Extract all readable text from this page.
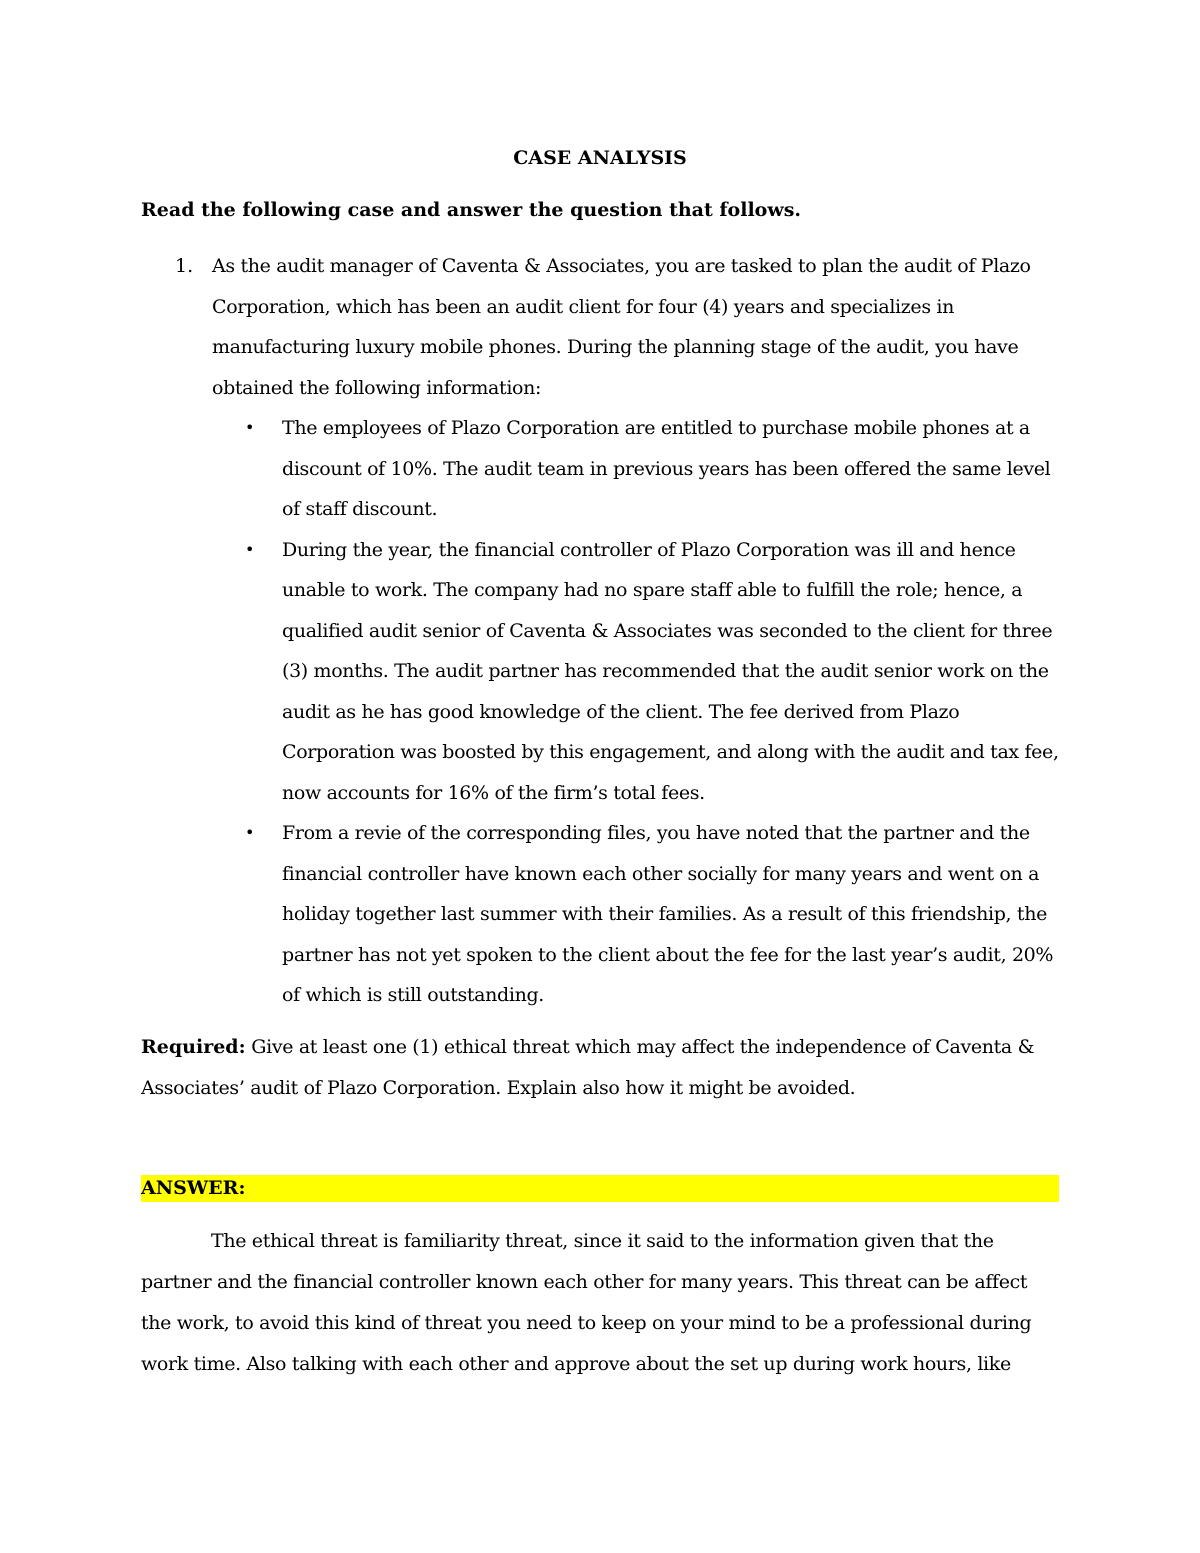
CASE ANALYSIS
Read the following case and answer the question that follows.
1. As the audit manager of Caventa & Associates, you are tasked to plan the audit of Plazo Corporation, which has been an audit client for four (4) years and specializes in manufacturing luxury mobile phones. During the planning stage of the audit, you have obtained the following information:
• The employees of Plazo Corporation are entitled to purchase mobile phones at a discount of 10%. The audit team in previous years has been offered the same level of staff discount.
• During the year, the financial controller of Plazo Corporation was ill and hence unable to work. The company had no spare staff able to fulfill the role; hence, a qualified audit senior of Caventa & Associates was seconded to the client for three (3) months. The audit partner has recommended that the audit senior work on the audit as he has good knowledge of the client. The fee derived from Plazo Corporation was boosted by this engagement, and along with the audit and tax fee, now accounts for 16% of the firm’s total fees.
• From a revie of the corresponding files, you have noted that the partner and the financial controller have known each other socially for many years and went on a holiday together last summer with their families. As a result of this friendship, the partner has not yet spoken to the client about the fee for the last year’s audit, 20% of which is still outstanding.
Required: Give at least one (1) ethical threat which may affect the independence of Caventa & Associates’ audit of Plazo Corporation. Explain also how it might be avoided.
ANSWER:
The ethical threat is familiarity threat, since it said to the information given that the partner and the financial controller known each other for many years. This threat can be affect the work, to avoid this kind of threat you need to keep on your mind to be a professional during work time. Also talking with each other and approve about the set up during work hours, like
